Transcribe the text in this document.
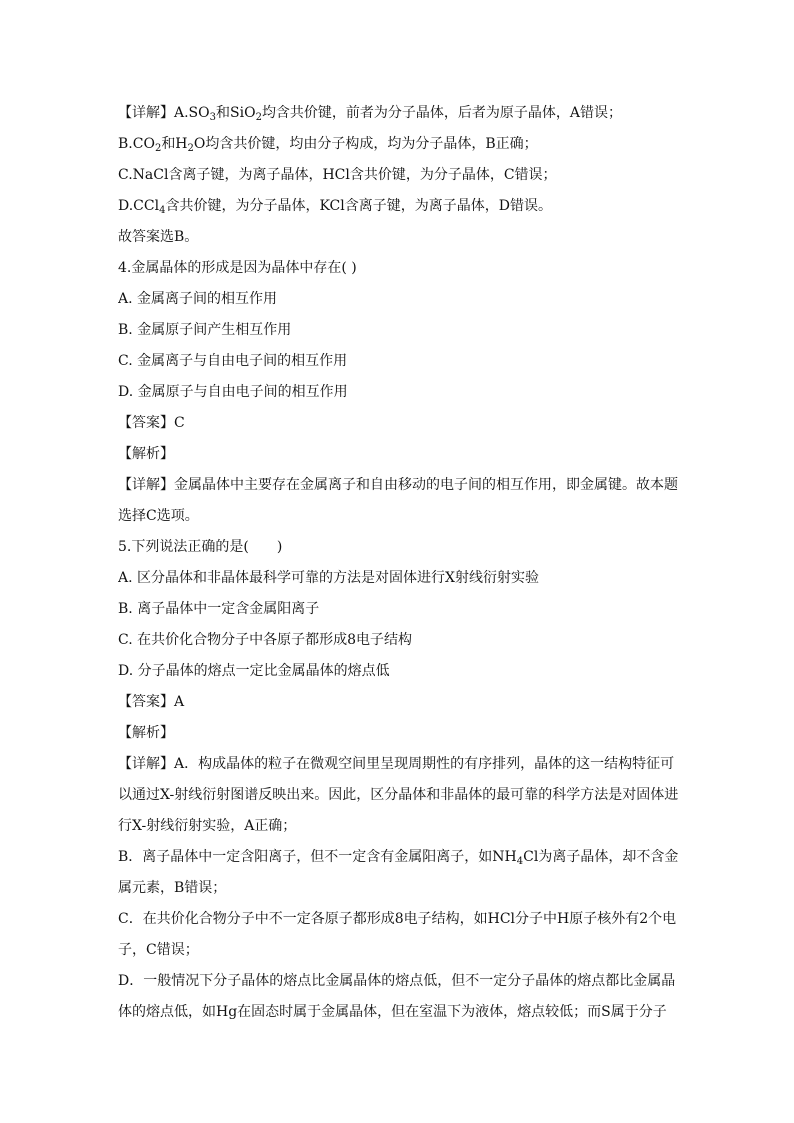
【详解】$A.SO_3$和SiO$_2$均含共价键，前者为分子晶体，后者为原子晶体，A错误；
$B.CO_2$和$H_2O$均含共价键，均由分子构成，均为分子晶体，B正确；
C.NaCl含离子键，为离子晶体，HCl含共价键，为分子晶体，C错误；
D.CCl$_4$含共价键，为分子晶体，KCl含离子键，为离子晶体，D错误。
故答案选B。
4.金属晶体的形成是因为晶体中存在( )
A. 金属离子间的相互作用
B. 金属原子间产生相互作用
C. 金属离子与自由电子间的相互作用
D. 金属原子与自由电子间的相互作用
【答案】C
【解析】
【详解】金属晶体中主要存在金属离子和自由移动的电子间的相互作用，即金属键。故本题选择C选项。
5.下列说法正确的是(　　)
A. 区分晶体和非晶体最科学可靠的方法是对固体进行X射线衍射实验
B. 离子晶体中一定含金属阳离子
C. 在共价化合物分子中各原子都形成8电子结构
D. 分子晶体的熔点一定比金属晶体的熔点低
【答案】A
【解析】
【详解】A．构成晶体的粒子在微观空间里呈现周期性的有序排列，晶体的这一结构特征可以通过X-射线衍射图谱反映出来。因此，区分晶体和非晶体的最可靠的科学方法是对固体进行X-射线衍射实验，A正确；
B．离子晶体中一定含阳离子，但不一定含有金属阳离子，如$NH_4Cl$为离子晶体，却不含金属元素，B错误；
C．在共价化合物分子中不一定各原子都形成8电子结构，如HCl分子中H原子核外有2个电子，C错误；
D．一般情况下分子晶体的熔点比金属晶体的熔点低，但不一定分子晶体的熔点都比金属晶体的熔点低，如Hg在固态时属于金属晶体，但在室温下为液体，熔点较低；而S属于分子
